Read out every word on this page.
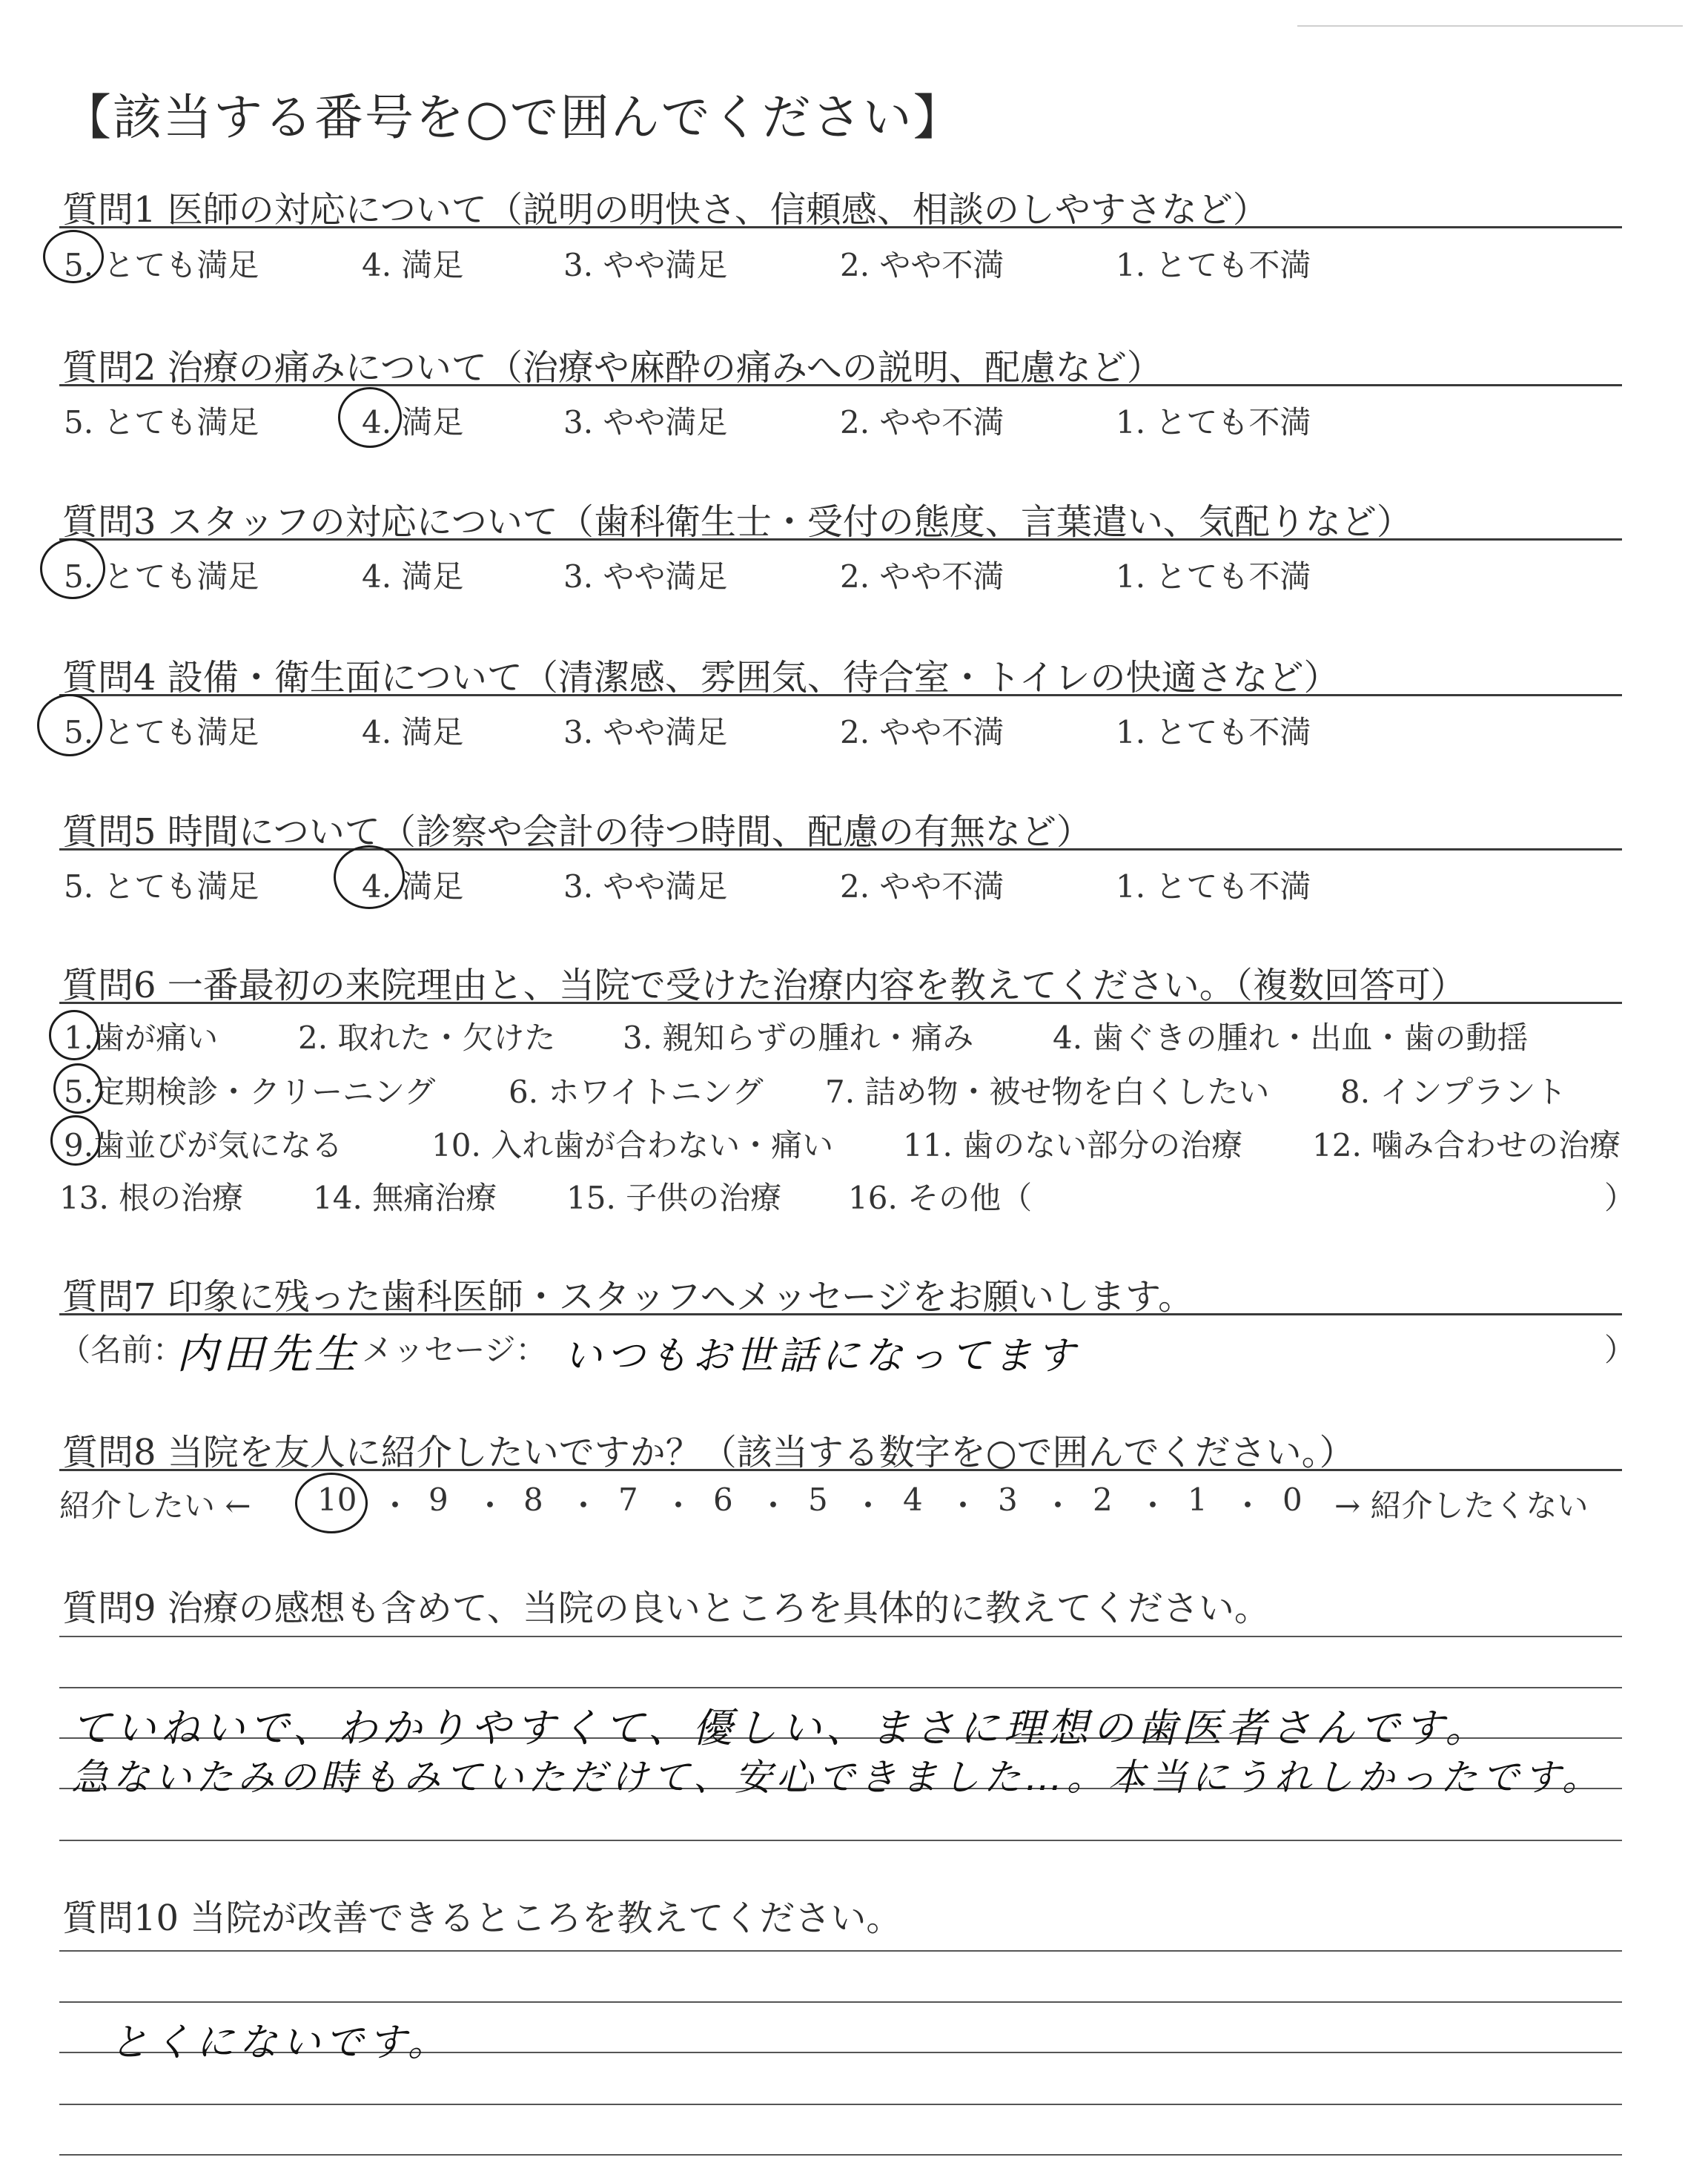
【該当する番号を○で囲んでください】
質問1 医師の対応について（説明の明快さ、信頼感、相談のしやすさなど）
5. とても満足	4. 満足	3. やや満足	2. やや不満	1. とても不満
質問2 治療の痛みについて（治療や麻酔の痛みへの説明、配慮など）
5. とても満足	4. 満足	3. やや満足	2. やや不満	1. とても不満
質問3 スタッフの対応について（歯科衛生士・受付の態度、言葉遣い、気配りなど）
5. とても満足	4. 満足	3. やや満足	2. やや不満	1. とても不満
質問4 設備・衛生面について（清潔感、雰囲気、待合室・トイレの快適さなど）
5. とても満足	4. 満足	3. やや満足	2. やや不満	1. とても不満
質問5 時間について（診察や会計の待つ時間、配慮の有無など）
5. とても満足	4. 満足	3. やや満足	2. やや不満	1. とても不満
質問6 一番最初の来院理由と、当院で受けた治療内容を教えてください。（複数回答可）
1.歯が痛い	2. 取れた・欠けた 3. 親知らずの腫れ・痛み	4. 歯ぐきの腫れ・出血・歯の動揺
5.定期検診・クリーニング 6. ホワイトニング 7. 詰め物・被せ物を白くしたい 8. インプラント
9.歯並びが気になる	10. 入れ歯が合わない・痛い 11. 歯のない部分の治療 12. 噛み合わせの治療
13. 根の治療 14. 無痛治療 15. 子供の治療 16. その他（	）
質問7 印象に残った歯科医師・スタッフへメッセージをお願いします。
（名前：
内田先生 メッセージ： いつもお世話になってます	）
質問8 当院を友人に紹介したいですか？（該当する数字を○で囲んでください。）
紹介したい ← 10 ・ 9 ・ 8 ・ 7 ・ 6 ・ 5 ・ 4 ・ 3 ・ 2 ・ 1 ・ 0 → 紹介したくない
質問9 治療の感想も含めて、当院の良いところを具体的に教えてください。
ていねいで、わかりやすくて、優しい、まさに理想の歯医者さんです。
急ないたみの時もみていただけて、安心できました…。本当にうれしかったです。
質問10 当院が改善できるところを教えてください。
とくにないです。
